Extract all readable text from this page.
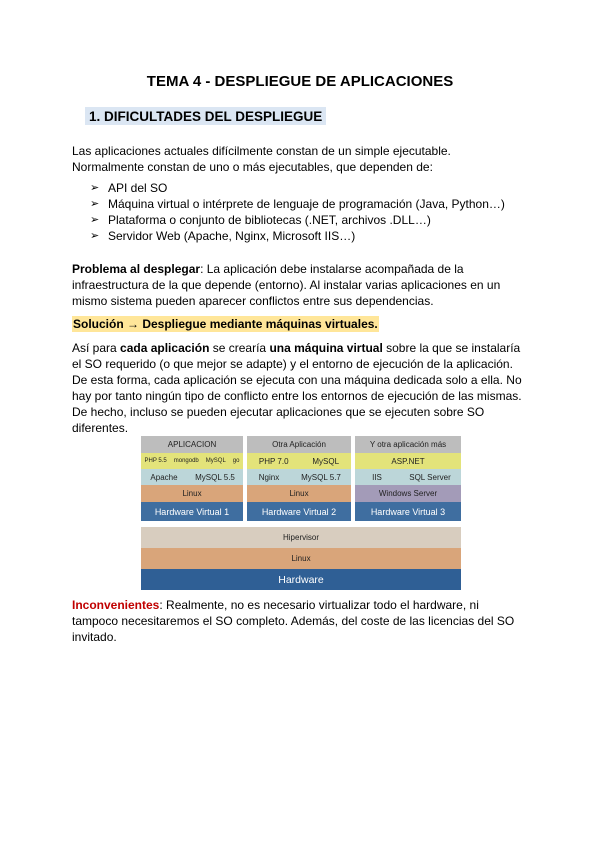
TEMA 4 - DESPLIEGUE DE APLICACIONES
1. DIFICULTADES DEL DESPLIEGUE
Las aplicaciones actuales difícilmente constan de un simple ejecutable.
Normalmente constan de uno o más ejecutables, que dependen de:
➢ API del SO
➢ Máquina virtual o intérprete de lenguaje de programación (Java, Python…)
➢ Plataforma o conjunto de bibliotecas (.NET, archivos .DLL…)
➢ Servidor Web (Apache, Nginx, Microsoft IIS…)
Problema al desplegar: La aplicación debe instalarse acompañada de la
infraestructura de la que depende (entorno). Al instalar varias aplicaciones en un
mismo sistema pueden aparecer conflictos entre sus dependencias.
Solución → Despliegue mediante máquinas virtuales.
Así para cada aplicación se crearía una máquina virtual sobre la que se instalaría
el SO requerido (o que mejor se adapte) y el entorno de ejecución de la aplicación.
De esta forma, cada aplicación se ejecuta con una máquina dedicada solo a ella. No
hay por tanto ningún tipo de conflicto entre los entornos de ejecución de las mismas.
De hecho, incluso se pueden ejecutar aplicaciones que se ejecuten sobre SO
diferentes.
APLICACION
PHP 5.5 mongodb MySQL go
Apache	MySQL 5.5
Linux
Hardware Virtual 1
Otra Aplicación
PHP 7.0	MySQL
Nginx	MySQL 5.7
Linux
Hardware Virtual 2
Y otra aplicación más
ASP.NET
IIS	SQL Server
Windows Server
Hardware Virtual 3
Hipervisor
Linux
Hardware
Inconvenientes: Realmente, no es necesario virtualizar todo el hardware, ni
tampoco necesitaremos el SO completo. Además, del coste de las licencias del SO
invitado.
